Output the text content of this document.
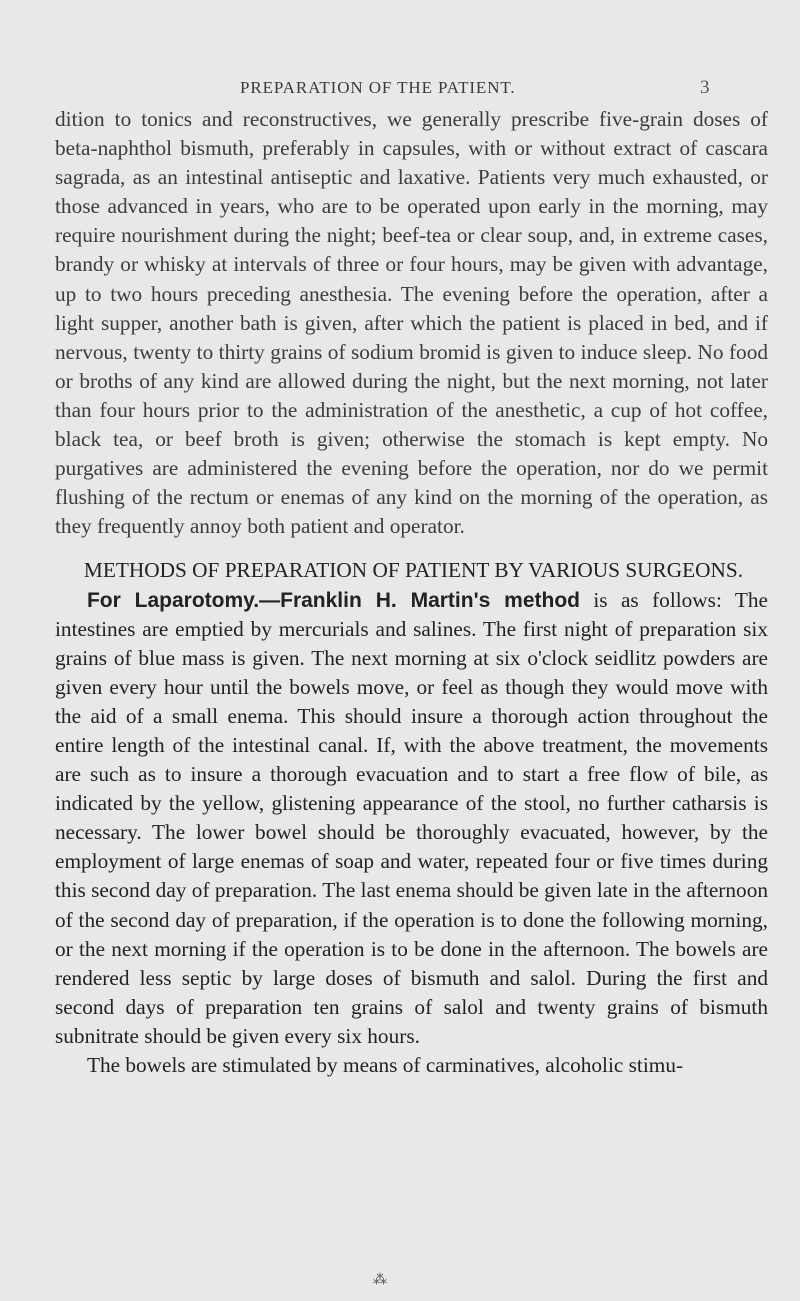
PREPARATION OF THE PATIENT.	3

dition to tonics and reconstructives, we generally prescribe five-grain doses of beta-naphthol bismuth, preferably in capsules, with or without extract of cascara sagrada, as an intestinal antiseptic and laxative. Patients very much exhausted, or those advanced in years, who are to be operated upon early in the morning, may require nourishment during the night; beef-tea or clear soup, and, in extreme cases, brandy or whisky at intervals of three or four hours, may be given with advantage, up to two hours preceding anesthesia. The evening before the operation, after a light supper, another bath is given, after which the patient is placed in bed, and if nervous, twenty to thirty grains of sodium bromid is given to induce sleep. No food or broths of any kind are allowed during the night, but the next morning, not later than four hours prior to the administration of the anesthetic, a cup of hot coffee, black tea, or beef broth is given; otherwise the stomach is kept empty. No purgatives are administered the evening before the operation, nor do we permit flushing of the rectum or enemas of any kind on the morning of the operation, as they frequently annoy both patient and operator.

METHODS OF PREPARATION OF PATIENT BY VARIOUS SURGEONS.

For Laparotomy.—Franklin H. Martin's method is as follows: The intestines are emptied by mercurials and salines. The first night of preparation six grains of blue mass is given. The next morning at six o'clock seidlitz powders are given every hour until the bowels move, or feel as though they would move with the aid of a small enema. This should insure a thorough action throughout the entire length of the intestinal canal. If, with the above treatment, the movements are such as to insure a thorough evacuation and to start a free flow of bile, as indicated by the yellow, glistening appearance of the stool, no further catharsis is necessary. The lower bowel should be thoroughly evacuated, however, by the employment of large enemas of soap and water, repeated four or five times during this second day of preparation. The last enema should be given late in the afternoon of the second day of preparation, if the operation is to done the following morning, or the next morning if the operation is to be done in the afternoon. The bowels are rendered less septic by large doses of bismuth and salol. During the first and second days of preparation ten grains of salol and twenty grains of bismuth subnitrate should be given every six hours.

The bowels are stimulated by means of carminatives, alcoholic stimu-

⁂
